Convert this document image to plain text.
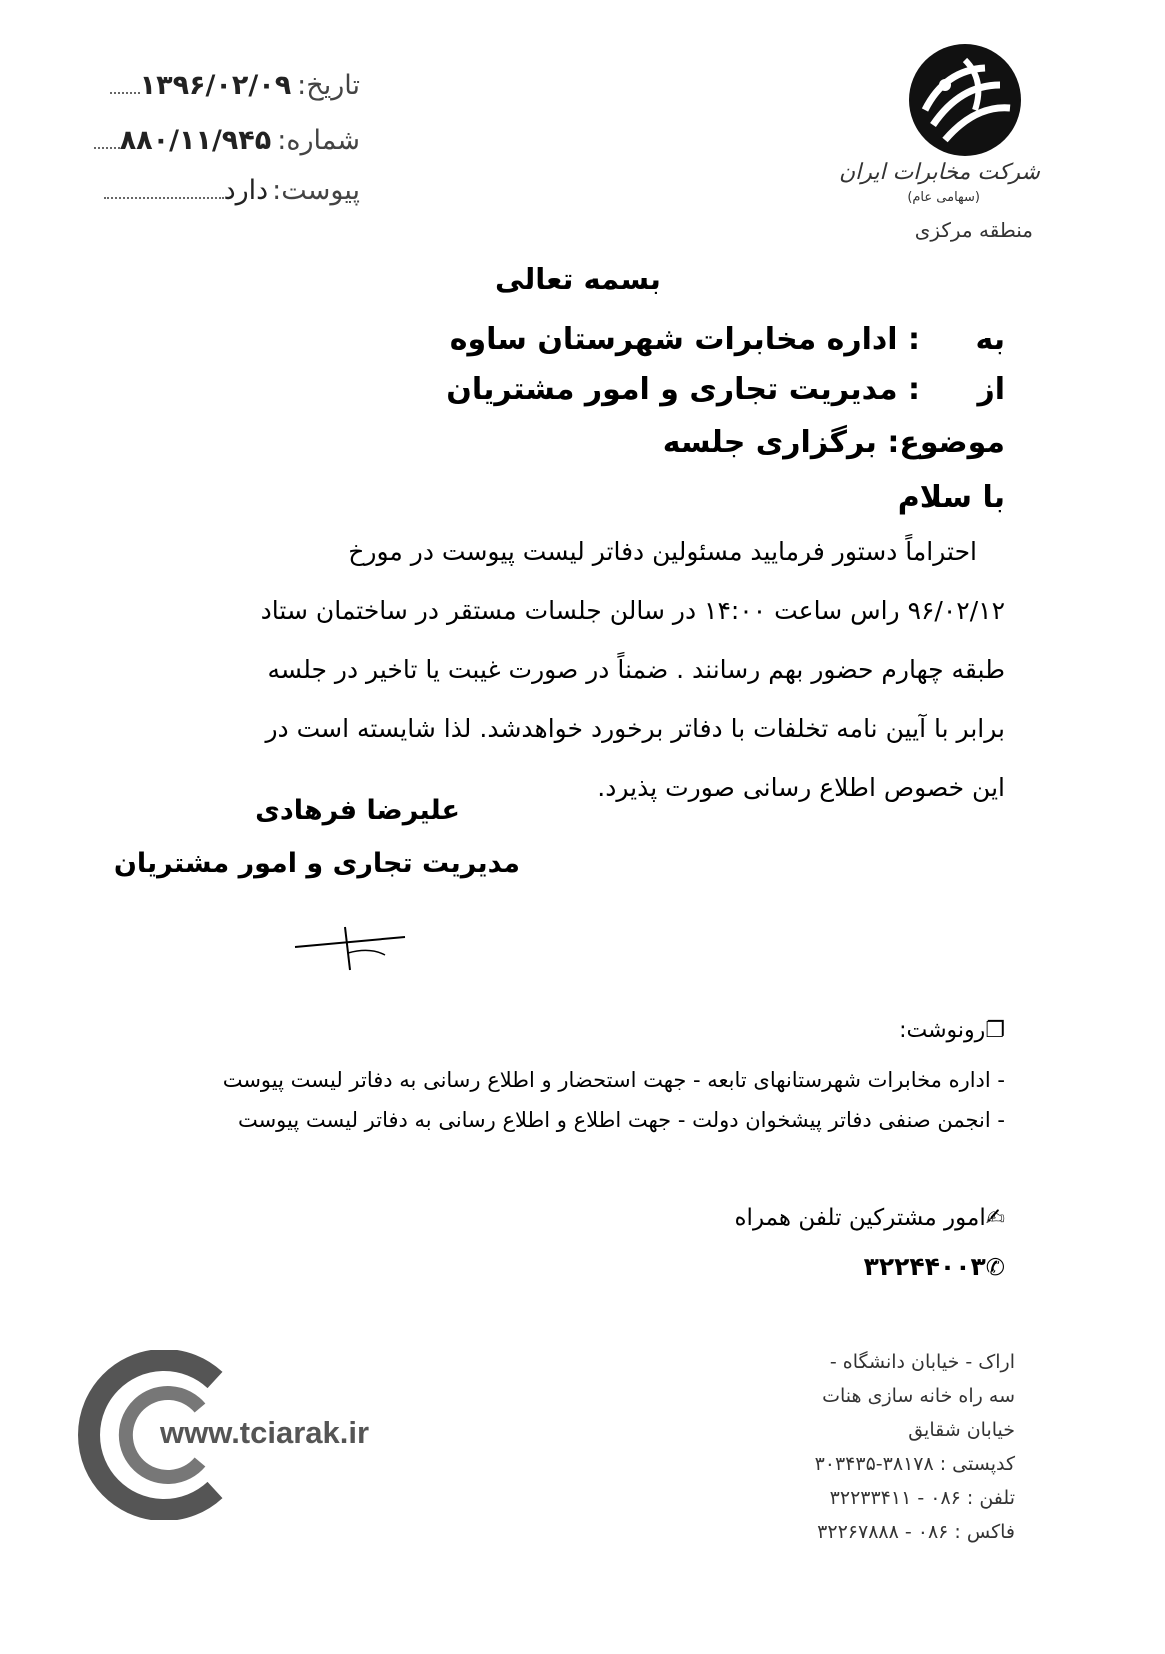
تاریخ:
۱۳۹۶/۰۲/۰۹
شماره:
۸۸۰/۱۱/۹۴۵
پیوست:
دارد
شرکت مخابرات ایران
(سهامی عام)
منطقه مرکزی
بسمه تعالی
به: اداره مخابرات شهرستان ساوه
از: مدیریت تجاری و امور مشتریان
موضوع: برگزاری جلسه
با سلام

احتراماً دستور فرمایید مسئولین دفاتر لیست پیوست در مورخ

۹۶/۰۲/۱۲ راس ساعت ۱۴:۰۰ در سالن جلسات مستقر در ساختمان ستاد

طبقه چهارم حضور بهم رسانند . ضمناً در صورت غیبت یا تاخیر در جلسه

برابر با آیین نامه تخلفات با دفاتر برخورد خواهدشد. لذا شایسته است در

این خصوص اطلاع رسانی صورت پذیرد.

علیرضا فرهادی
مدیریت تجاری و امور مشتریان
❐رونوشت:
- اداره مخابرات شهرستانهای تابعه - جهت استحضار و اطلاع رسانی به دفاتر لیست پیوست
- انجمن صنفی دفاتر پیشخوان دولت - جهت اطلاع و اطلاع رسانی به دفاتر لیست پیوست
✍امور مشترکین تلفن همراه
✆۳۲۲۴۴۰۰۳
www.tciarak.ir
اراک - خیابان دانشگاه -
سه راه خانه سازی هنات
خیابان شقایق
کدپستی : ۳۸۱۷۸-۳۰۳۴۳۵
تلفن : ۰۸۶ - ۳۲۲۳۳۴۱۱
فاکس : ۰۸۶ - ۳۲۲۶۷۸۸۸
